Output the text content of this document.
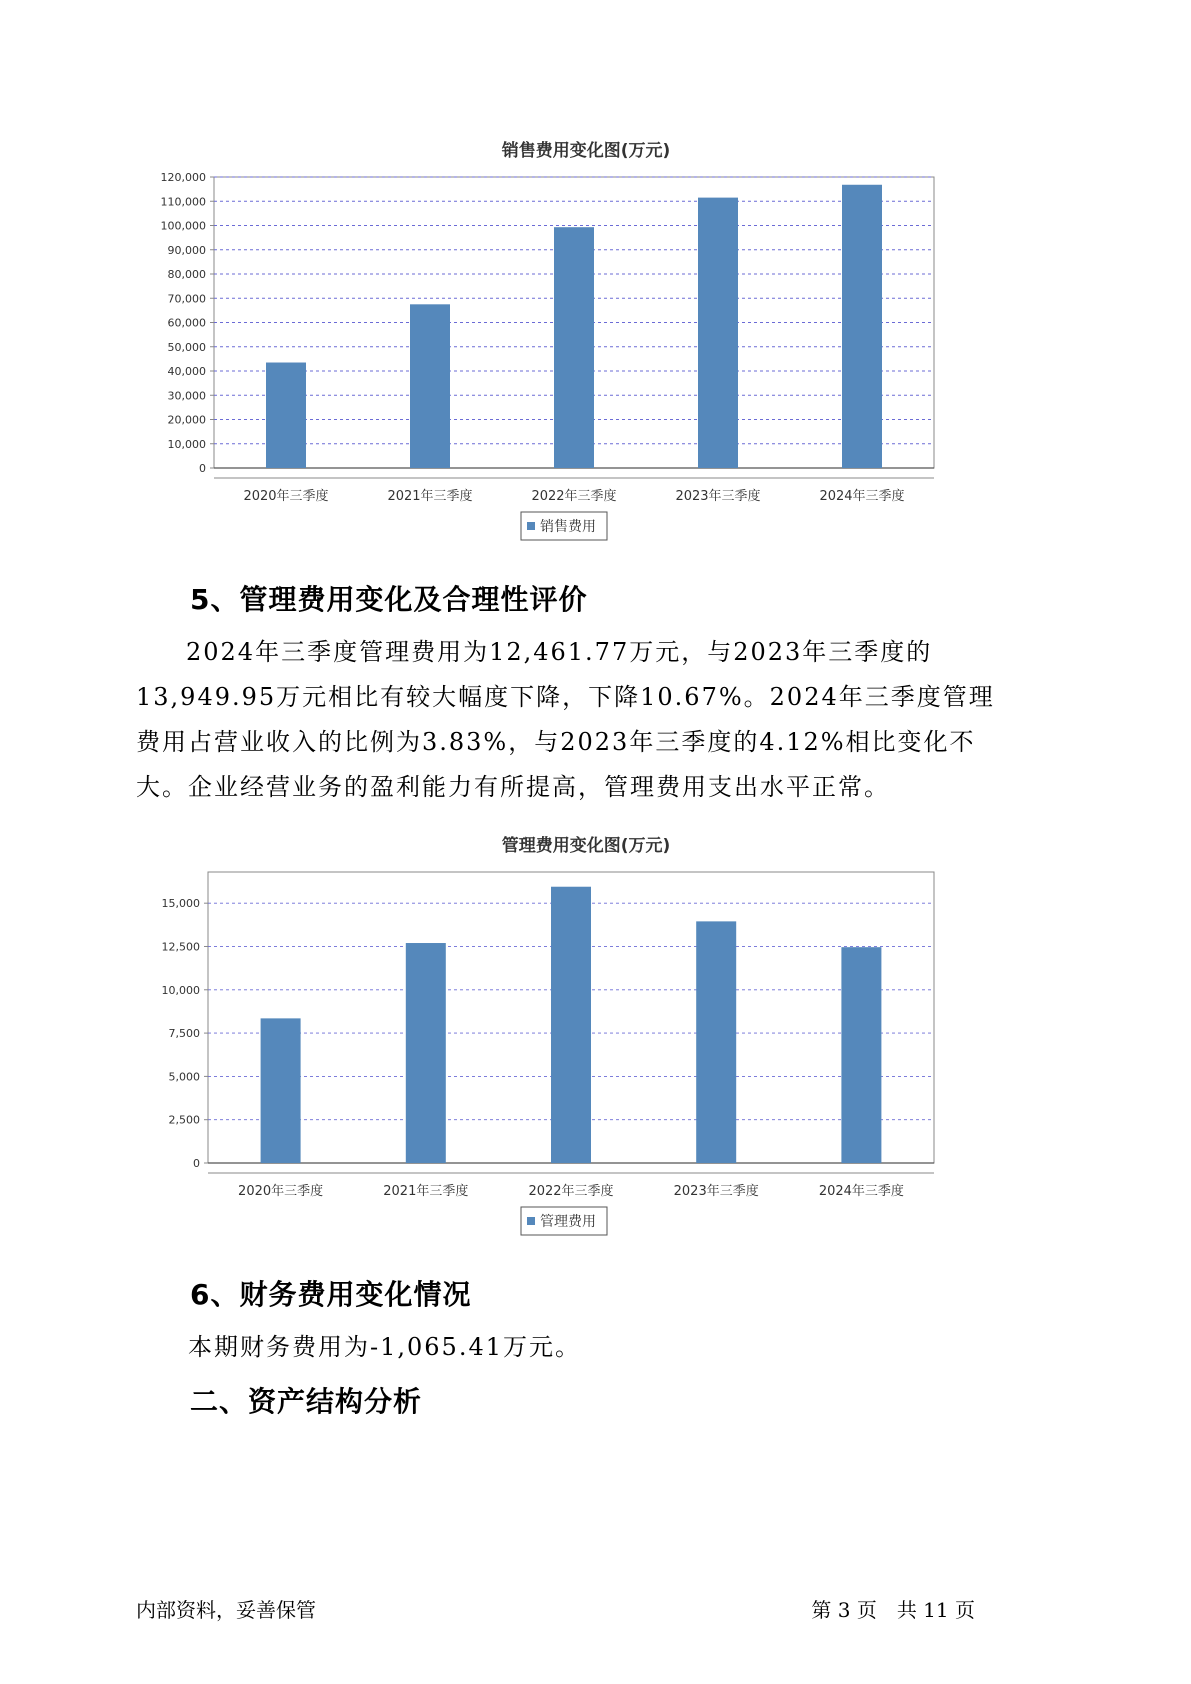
销售费用变化图(万元)
0
10,000
20,000
30,000
40,000
50,000
60,000
70,000
80,000
90,000
100,000
110,000
120,000
2020年三季度	2021年三季度	2022年三季度	2023年三季度	2024年三季度
销售费用
5、管理费用变化及合理性评价

2024年三季度管理费用为12,461.77万元，与2023年三季度的13,949.95万元相比有较大幅度下降，下降10.67%。2024年三季度管理费用占营业收入的比例为3.83%，与2023年三季度的4.12%相比变化不大。企业经营业务的盈利能力有所提高，管理费用支出水平正常。

管理费用变化图(万元)
0
2,500
5,000
7,500
10,000
12,500
15,000
2020年三季度	2021年三季度	2022年三季度	2023年三季度	2024年三季度
管理费用
6、财务费用变化情况

本期财务费用为-1,065.41万元。

二、资产结构分析
内部资料，妥善保管	第 3 页　共 11 页
